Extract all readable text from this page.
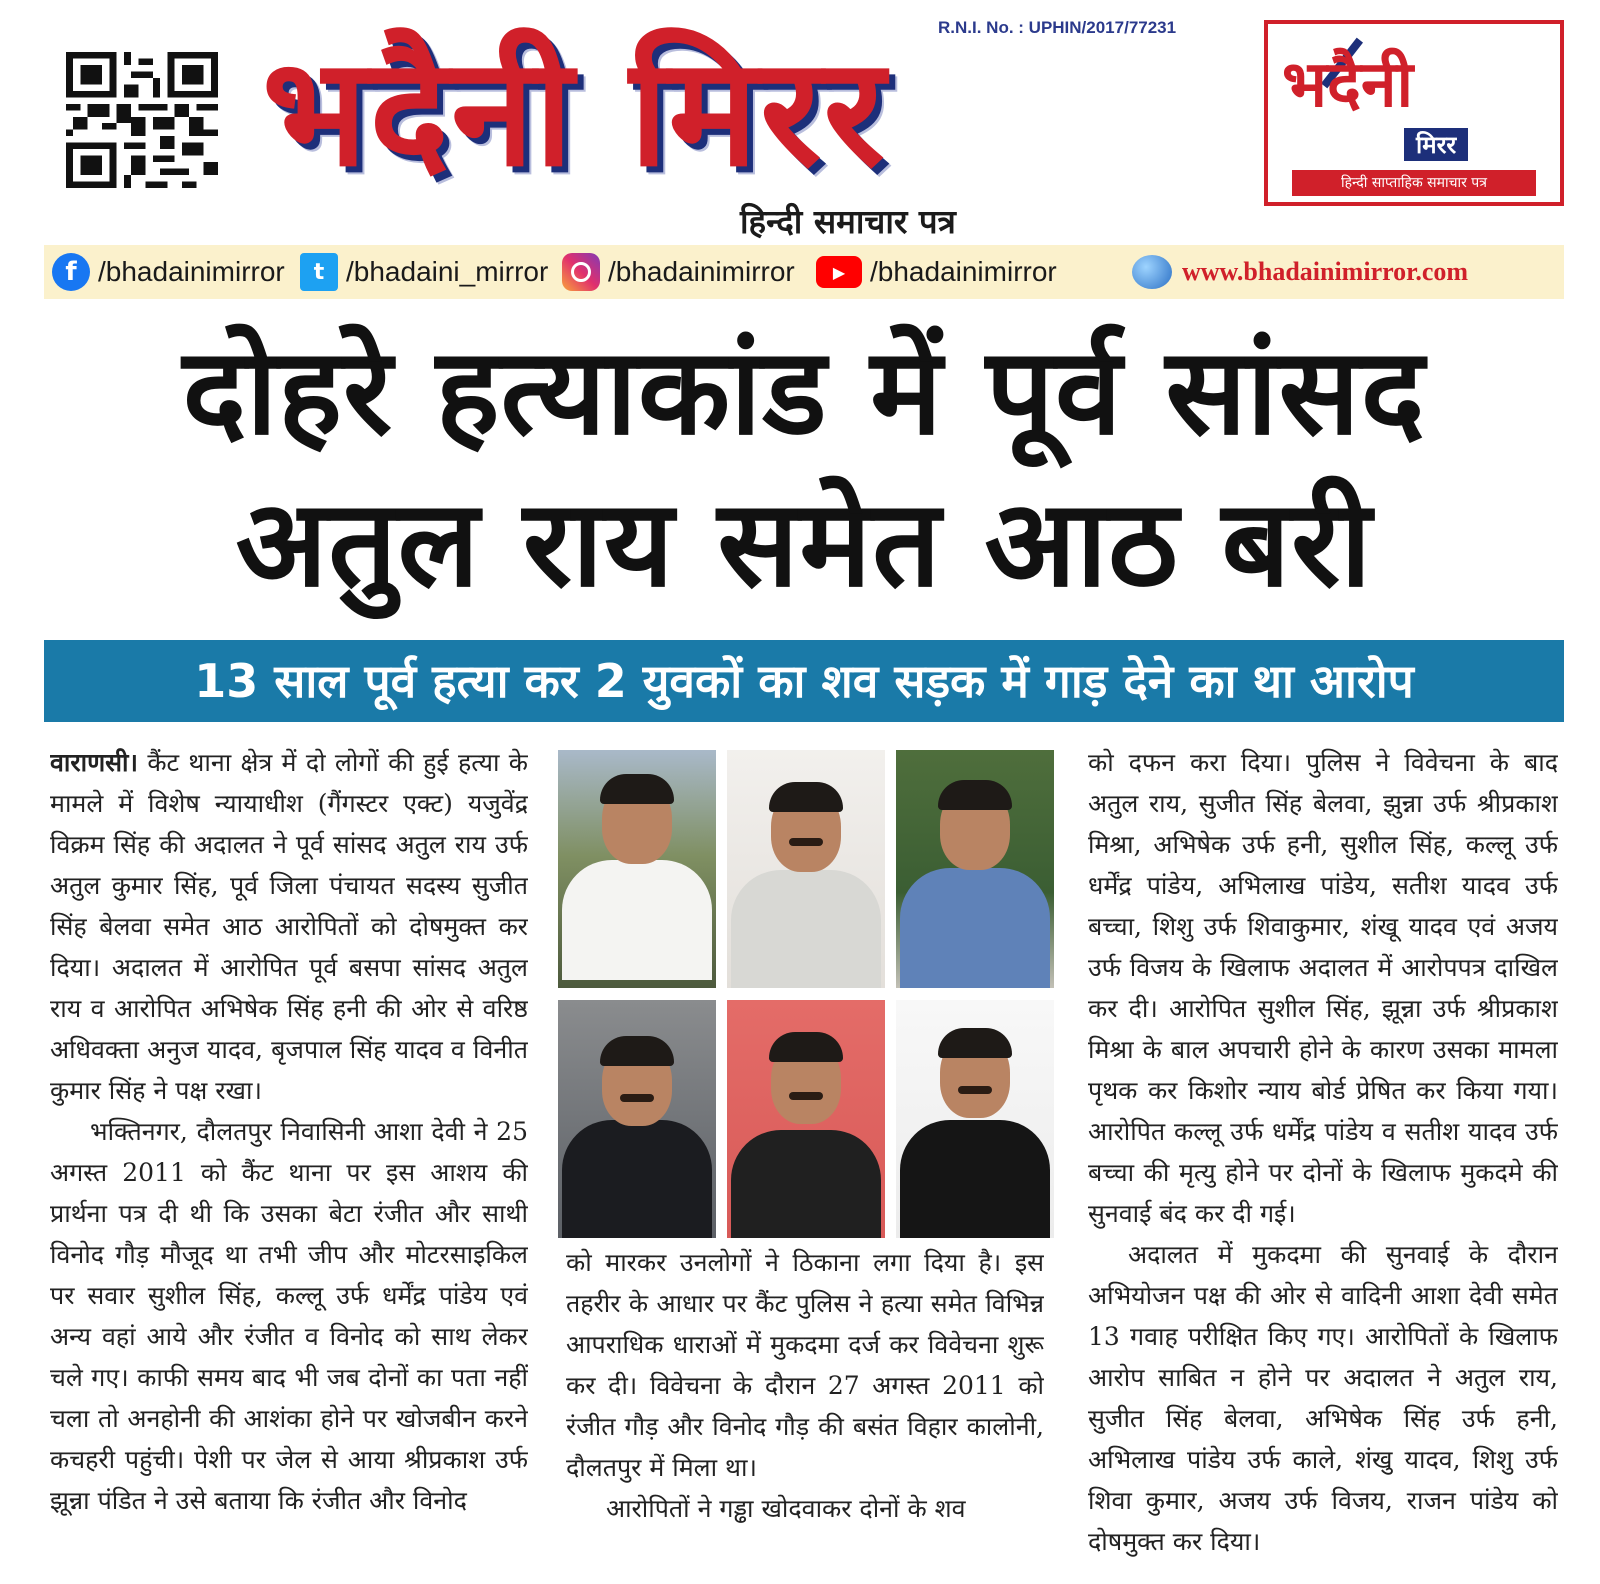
R.N.I. No. : UPHIN/2017/77231
भदैनी मिरर
हिन्दी समाचार पत्र
भदैनी
मिरर
हिन्दी साप्ताहिक समाचार पत्र
f /bhadainimirror	t /bhadaini_mirror /bhadainimirror	▶ /bhadainimirror	www.bhadainimirror.com
दोहरे हत्याकांड में पूर्व सांसद
अतुल राय समेत आठ बरी
13 साल पूर्व हत्या कर 2 युवकों का शव सड़क में गाड़ देने का था आरोप

वाराणसी। कैंट थाना क्षेत्र में दो लोगों की हुई हत्या के मामले में विशेष न्यायाधीश (गैंगस्टर एक्ट) यजुवेंद्र विक्रम सिंह की अदालत ने पूर्व सांसद अतुल राय उर्फ अतुल कुमार सिंह, पूर्व जिला पंचायत सदस्य सुजीत सिंह बेलवा समेत आठ आरोपितों को दोषमुक्त कर दिया। अदालत में आरोपित पूर्व बसपा सांसद अतुल राय व आरोपित अभिषेक सिंह हनी की ओर से वरिष्ठ अधिवक्ता अनुज यादव, बृजपाल सिंह यादव व विनीत कुमार सिंह ने पक्ष रखा।

भक्तिनगर, दौलतपुर निवासिनी आशा देवी ने 25 अगस्त 2011 को कैंट थाना पर इस आशय की प्रार्थना पत्र दी थी कि उसका बेटा रंजीत और साथी विनोद गौड़ मौजूद था तभी जीप और मोटरसाइकिल पर सवार सुशील सिंह, कल्लू उर्फ धर्मेंद्र पांडेय एवं अन्य वहां आये और रंजीत व विनोद को साथ लेकर चले गए। काफी समय बाद भी जब दोनों का पता नहीं चला तो अनहोनी की आशंका होने पर खोजबीन करने कचहरी पहुंची। पेशी पर जेल से आया श्रीप्रकाश उर्फ झून्ना पंडित ने उसे बताया कि रंजीत और विनोद

को मारकर उनलोगों ने ठिकाना लगा दिया है। इस तहरीर के आधार पर कैंट पुलिस ने हत्या समेत विभिन्न आपराधिक धाराओं में मुकदमा दर्ज कर विवेचना शुरू कर दी। विवेचना के दौरान 27 अगस्त 2011 को रंजीत गौड़ और विनोद गौड़ की बसंत विहार कालोनी, दौलतपुर में मिला था।

आरोपितों ने गड्ढा खोदवाकर दोनों के शव

को दफन करा दिया। पुलिस ने विवेचना के बाद अतुल राय, सुजीत सिंह बेलवा, झुन्ना उर्फ श्रीप्रकाश मिश्रा, अभिषेक उर्फ हनी, सुशील सिंह, कल्लू उर्फ धर्मेंद्र पांडेय, अभिलाख पांडेय, सतीश यादव उर्फ बच्चा, शिशु उर्फ शिवाकुमार, शंखू यादव एवं अजय उर्फ विजय के खिलाफ अदालत में आरोपपत्र दाखिल कर दी। आरोपित सुशील सिंह, झून्ना उर्फ श्रीप्रकाश मिश्रा के बाल अपचारी होने के कारण उसका मामला पृथक कर किशोर न्याय बोर्ड प्रेषित कर किया गया। आरोपित कल्लू उर्फ धर्मेंद्र पांडेय व सतीश यादव उर्फ बच्चा की मृत्यु होने पर दोनों के खिलाफ मुकदमे की सुनवाई बंद कर दी गई।

अदालत में मुकदमा की सुनवाई के दौरान अभियोजन पक्ष की ओर से वादिनी आशा देवी समेत 13 गवाह परीक्षित किए गए। आरोपितों के खिलाफ आरोप साबित न होने पर अदालत ने अतुल राय, सुजीत सिंह बेलवा, अभिषेक सिंह उर्फ हनी, अभिलाख पांडेय उर्फ काले, शंखु यादव, शिशु उर्फ शिवा कुमार, अजय उर्फ विजय, राजन पांडेय को दोषमुक्त कर दिया।
